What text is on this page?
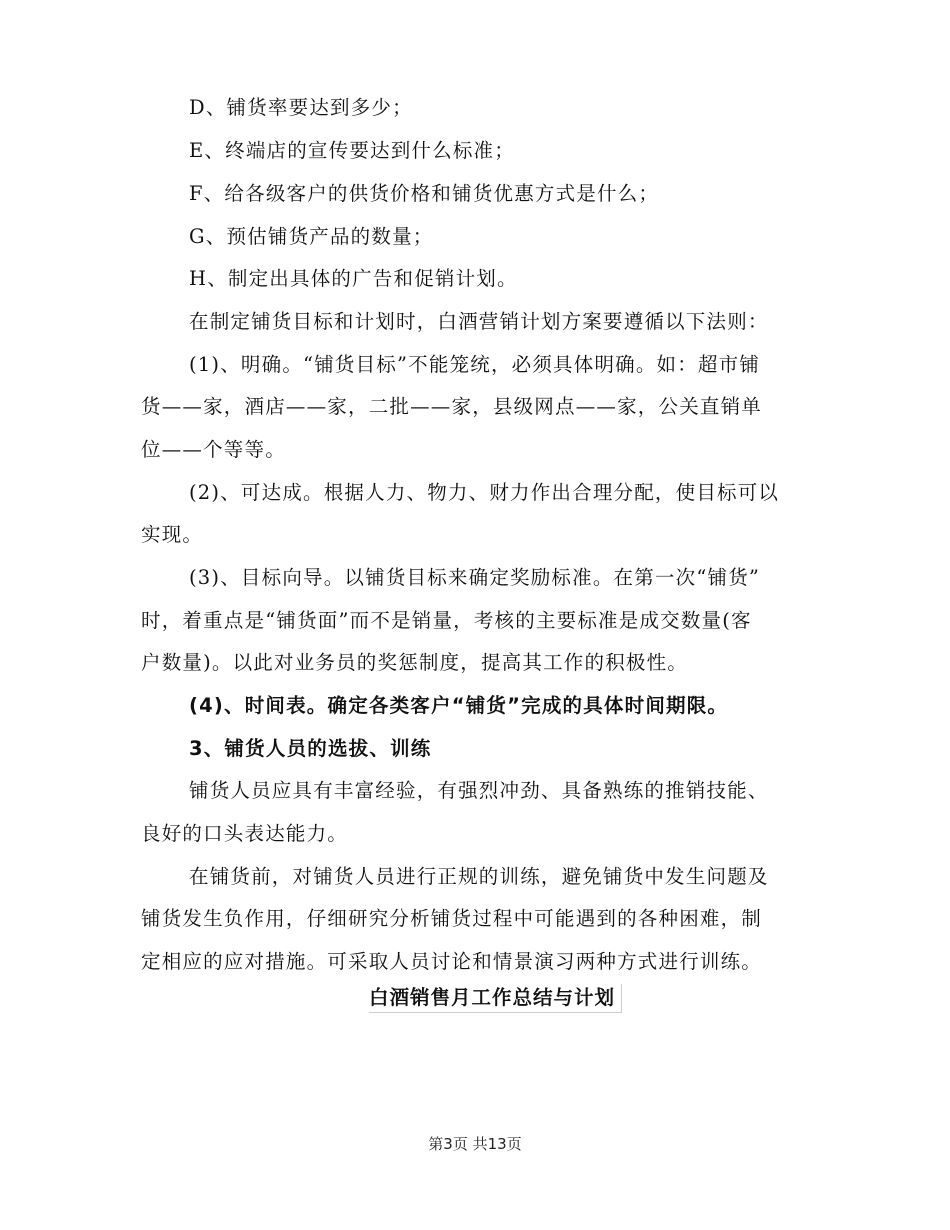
D、铺货率要达到多少；
E、终端店的宣传要达到什么标准；
F、给各级客户的供货价格和铺货优惠方式是什么；
G、预估铺货产品的数量；
H、制定出具体的广告和促销计划。
在制定铺货目标和计划时，白酒营销计划方案要遵循以下法则：
(1)、明确。“铺货目标”不能笼统，必须具体明确。如：超市铺
货——家，酒店——家，二批——家，县级网点——家，公关直销单
位——个等等。
(2)、可达成。根据人力、物力、财力作出合理分配，使目标可以
实现。
(3)、目标向导。以铺货目标来确定奖励标准。在第一次“铺货”
时，着重点是“铺货面”而不是销量，考核的主要标准是成交数量(客
户数量)。以此对业务员的奖惩制度，提高其工作的积极性。
(4)、时间表。确定各类客户“铺货”完成的具体时间期限。
3、铺货人员的选拔、训练
铺货人员应具有丰富经验，有强烈冲劲、具备熟练的推销技能、
良好的口头表达能力。
在铺货前，对铺货人员进行正规的训练，避免铺货中发生问题及
铺货发生负作用，仔细研究分析铺货过程中可能遇到的各种困难，制
定相应的应对措施。可采取人员讨论和情景演习两种方式进行训练。
白酒销售月工作总结与计划
第3页 共13页
